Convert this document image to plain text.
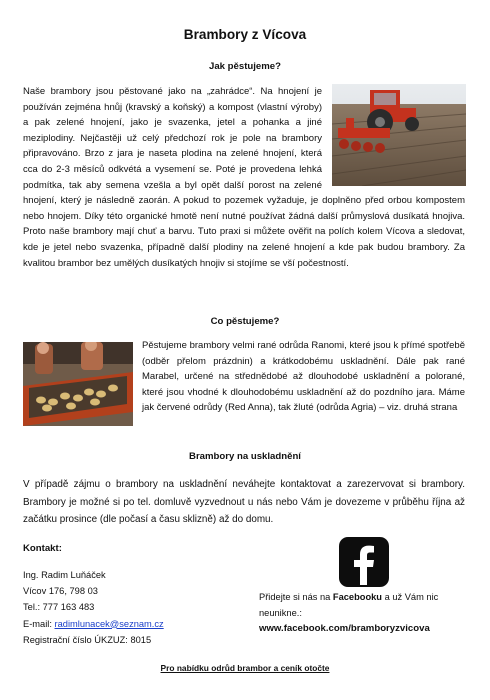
Brambory z Vícova
Jak pěstujeme?

Naše brambory jsou pěstované jako na „zahrádce“. Na hnojení je používán zejména hnůj (kravský a koňský) a kompost (vlastní výroby) a pak zelené hnojení, jako je svazenka, jetel a pohanka a jiné meziplodiny. Nejčastěji už celý předchozí rok je pole na brambory připravováno. Brzo z jara je naseta plodina na zelené hnojení, která cca do 2-3 měsíců odkvétá a vysemení se. Poté je provedena lehká podmítka, tak aby semena vzešla a byl opět další porost na zelené hnojení, který je následně zaorán. A pokud to pozemek vyžaduje, je doplněno před orbou kompostem nebo hnojem. Díky této organické hmotě není nutné používat žádná další průmyslová dusíkatá hnojiva. Proto naše brambory mají chuť a barvu. Tuto praxi si můžete ověřit na polích kolem Vícova a sledovat, kde je jetel nebo svazenka, případně další plodiny na zelené hnojení a kde pak budou brambory. Za kvalitou brambor bez umělých dusíkatých hnojiv si stojíme se vší počestností.

Co pěstujeme?

Pěstujeme brambory velmi rané odrůda Ranomi, které jsou k přímé spotřebě (odběr přelom prázdnin) a krátkodobému uskladnění. Dále pak rané Marabel, určené na střednědobé až dlouhodobé uskladnění a polorané, které jsou vhodné k dlouhodobému uskladnění až do pozdního jara. Máme jak červené odrůdy (Red Anna), tak žluté (odrůda Agria) – viz. druhá strana

Brambory na uskladnění

V případě zájmu o brambory na uskladnění neváhejte kontaktovat a zarezervovat si brambory. Brambory je možné si po tel. domluvě vyzvednout u nás nebo Vám je dovezeme v průběhu října až začátku prosince (dle počasí a času sklizně) až do domu.

Kontakt:
Ing. Radim Luňáček
Vícov 176, 798 03
Tel.: 777 163 483
E-mail: radimlunacek@seznam.cz
Registrační číslo ÚKZUZ: 8015
Přidejte si nás na Facebooku a už Vám nic neunikne.:
www.facebook.com/bramboryzvicova
Pro nabídku odrůd brambor a ceník otočte
